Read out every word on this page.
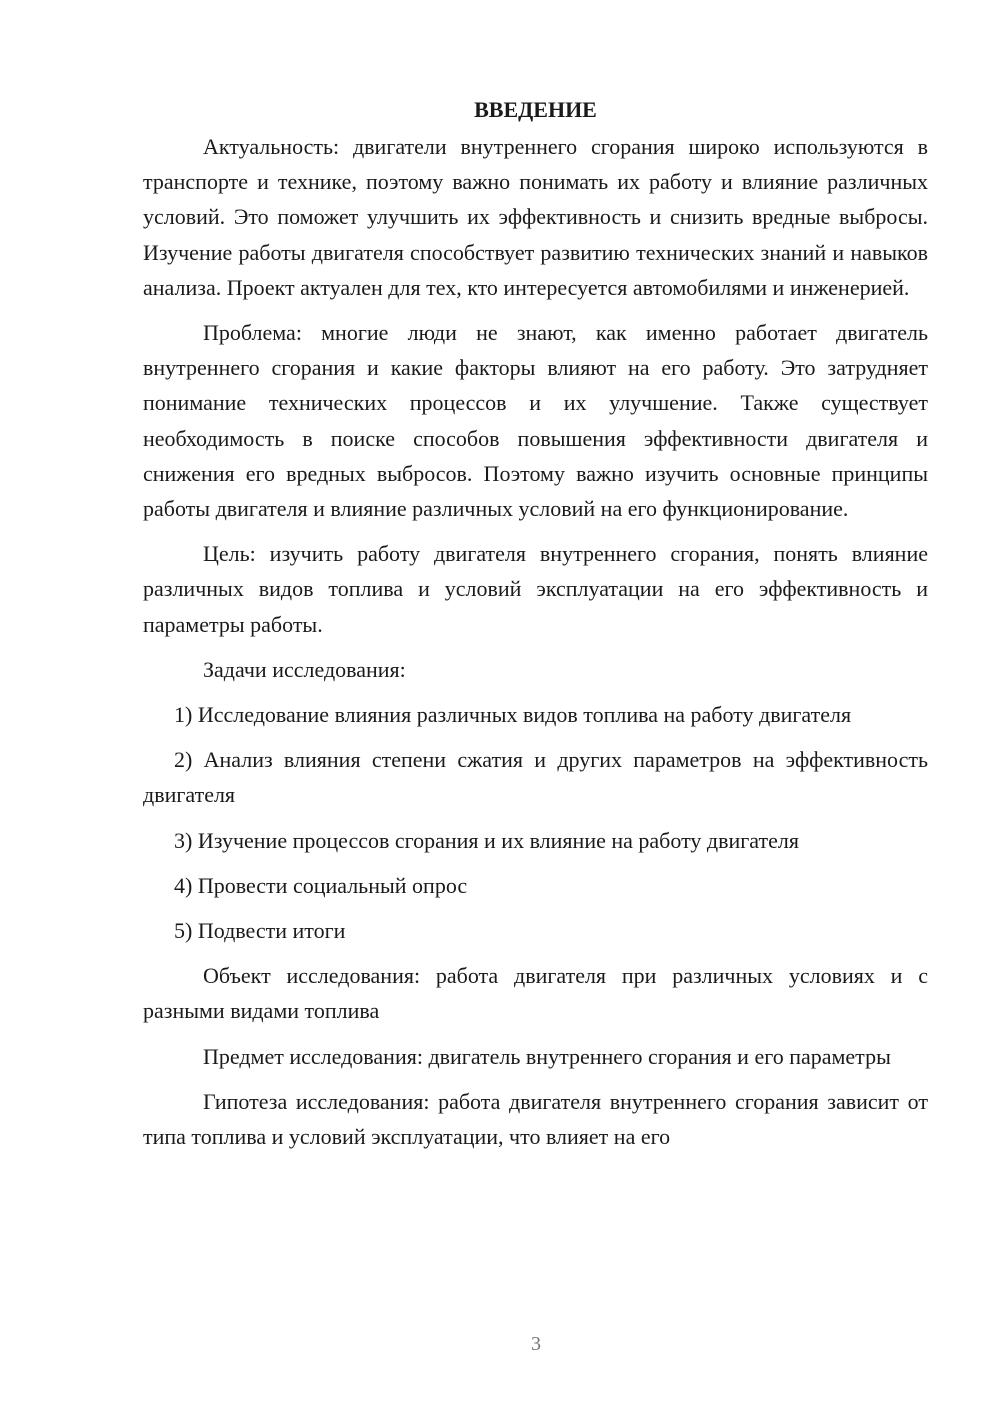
ВВЕДЕНИЕ

Актуальность: двигатели внутреннего сгорания широко используются в транспорте и технике, поэтому важно понимать их работу и влияние различных условий. Это поможет улучшить их эффективность и снизить вредные выбросы. Изучение работы двигателя способствует развитию технических знаний и навыков анализа. Проект актуален для тех, кто интересуется автомобилями и инженерией.

Проблема: многие люди не знают, как именно работает двигатель внутреннего сгорания и какие факторы влияют на его работу. Это затрудняет понимание технических процессов и их улучшение. Также существует необходимость в поиске способов повышения эффективности двигателя и снижения его вредных выбросов. Поэтому важно изучить основные принципы работы двигателя и влияние различных условий на его функционирование.

Цель: изучить работу двигателя внутреннего сгорания, понять влияние различных видов топлива и условий эксплуатации на его эффективность и параметры работы.

Задачи исследования:

1) Исследование влияния различных видов топлива на работу двигателя

2) Анализ влияния степени сжатия и других параметров на эффективность двигателя

3) Изучение процессов сгорания и их влияние на работу двигателя

4) Провести социальный опрос

5) Подвести итоги

Объект исследования: работа двигателя при различных условиях и с разными видами топлива

Предмет исследования: двигатель внутреннего сгорания и его параметры

Гипотеза исследования: работа двигателя внутреннего сгорания зависит от типа топлива и условий эксплуатации, что влияет на его

3
